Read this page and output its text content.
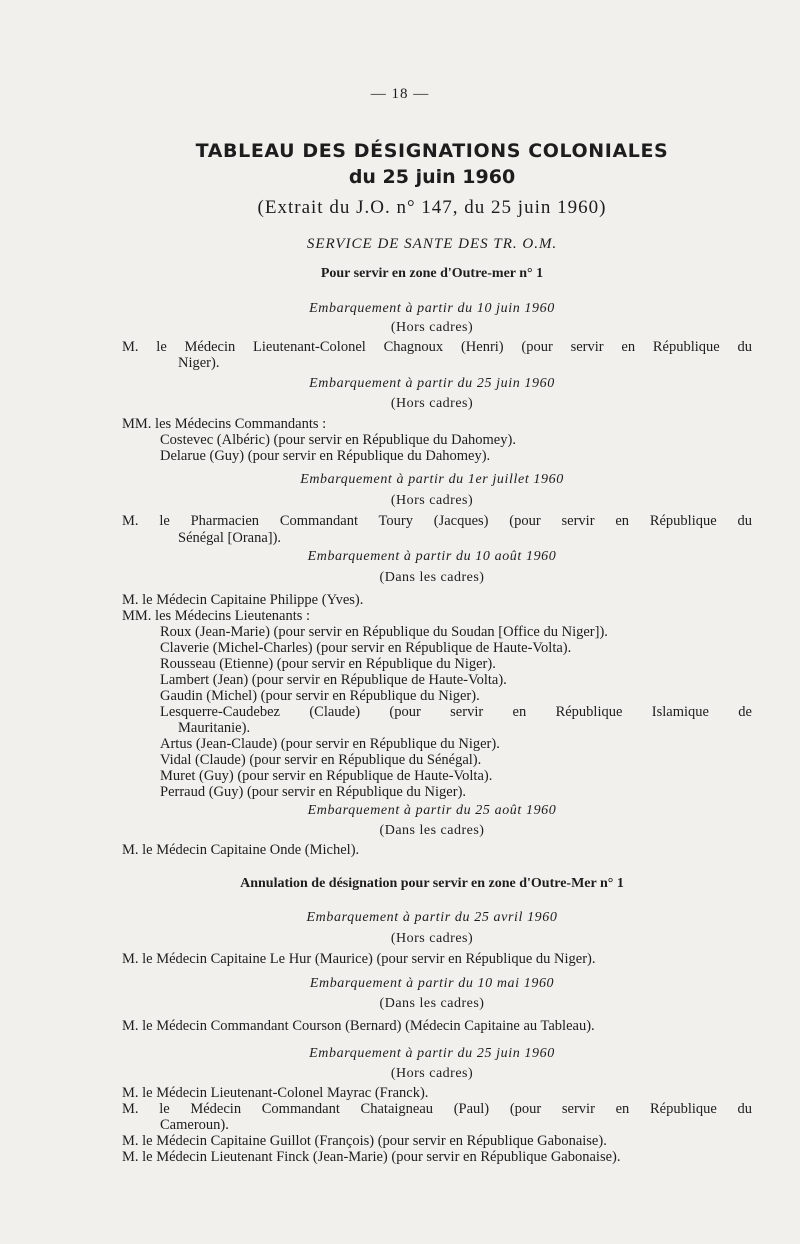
— 18 —
TABLEAU DES DÉSIGNATIONS COLONIALES
du 25 juin 1960
(Extrait du J.O. n° 147, du 25 juin 1960)
SERVICE DE SANTE DES TR. O.M.
Pour servir en zone d'Outre-mer n° 1
Embarquement à partir du 10 juin 1960
(Hors cadres)
M. le Médecin Lieutenant-Colonel Chagnoux (Henri) (pour servir en République du
Niger).
Embarquement à partir du 25 juin 1960
(Hors cadres)
MM. les Médecins Commandants :
Costevec (Albéric) (pour servir en République du Dahomey).
Delarue (Guy) (pour servir en République du Dahomey).
Embarquement à partir du 1er juillet 1960
(Hors cadres)
M. le Pharmacien Commandant Toury (Jacques) (pour servir en République du
Sénégal [Orana]).
Embarquement à partir du 10 août 1960
(Dans les cadres)
M. le Médecin Capitaine Philippe (Yves).
MM. les Médecins Lieutenants :
Roux (Jean-Marie) (pour servir en République du Soudan [Office du Niger]).
Claverie (Michel-Charles) (pour servir en République de Haute-Volta).
Rousseau (Etienne) (pour servir en République du Niger).
Lambert (Jean) (pour servir en République de Haute-Volta).
Gaudin (Michel) (pour servir en République du Niger).
Lesquerre-Caudebez (Claude) (pour servir en République Islamique de
Mauritanie).
Artus (Jean-Claude) (pour servir en République du Niger).
Vidal (Claude) (pour servir en République du Sénégal).
Muret (Guy) (pour servir en République de Haute-Volta).
Perraud (Guy) (pour servir en République du Niger).
Embarquement à partir du 25 août 1960
(Dans les cadres)
M. le Médecin Capitaine Onde (Michel).
Annulation de désignation pour servir en zone d'Outre-Mer n° 1
Embarquement à partir du 25 avril 1960
(Hors cadres)
M. le Médecin Capitaine Le Hur (Maurice) (pour servir en République du Niger).
Embarquement à partir du 10 mai 1960
(Dans les cadres)
M. le Médecin Commandant Courson (Bernard) (Médecin Capitaine au Tableau).
Embarquement à partir du 25 juin 1960
(Hors cadres)
M. le Médecin Lieutenant-Colonel Mayrac (Franck).
M. le Médecin Commandant Chataigneau (Paul) (pour servir en République du
Cameroun).
M. le Médecin Capitaine Guillot (François) (pour servir en République Gabonaise).
M. le Médecin Lieutenant Finck (Jean-Marie) (pour servir en République Gabonaise).
